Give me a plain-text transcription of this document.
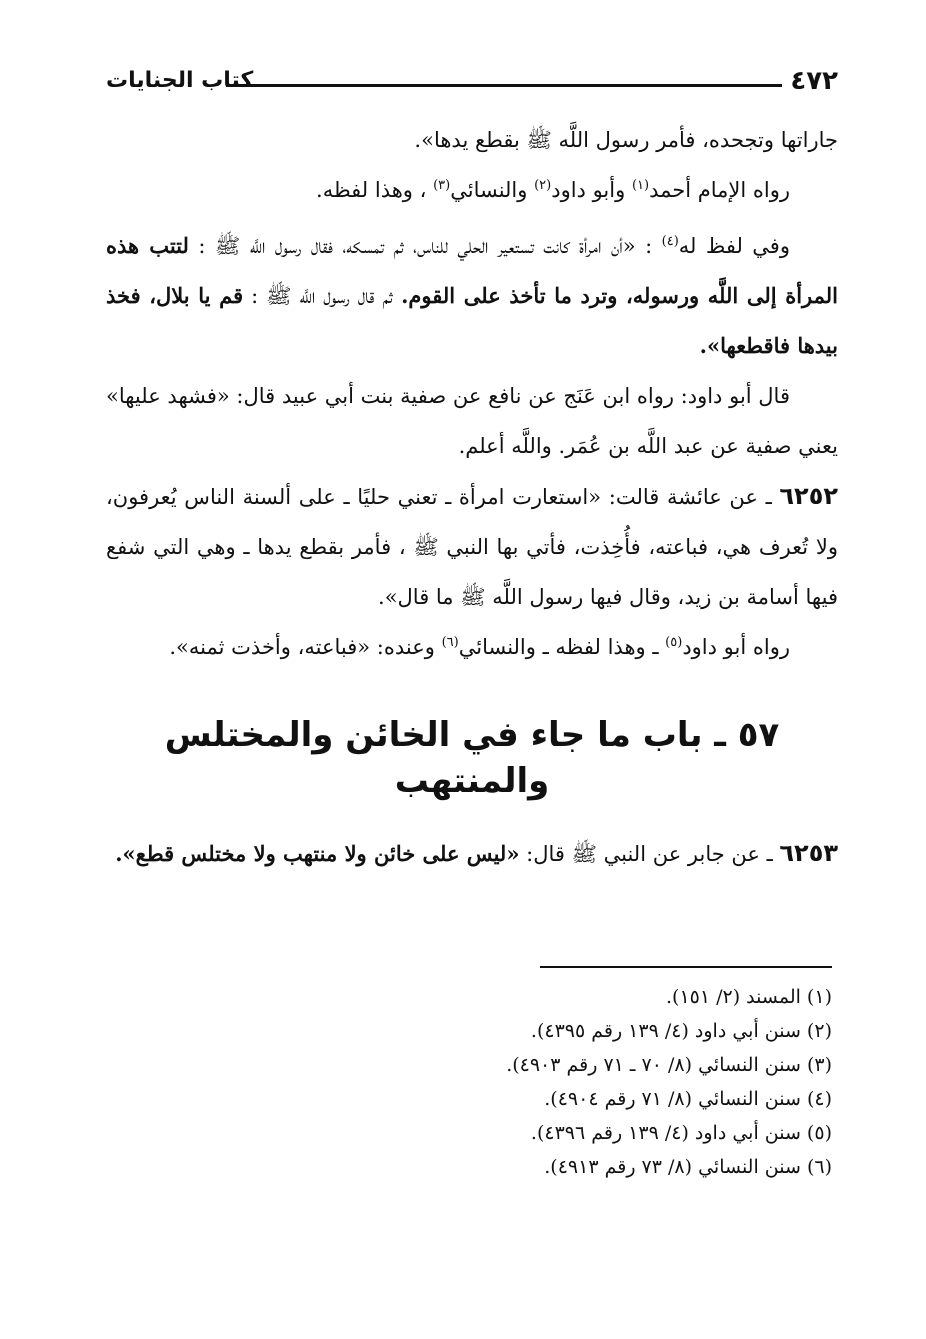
٤٧٢
كتاب الجنايات

جاراتها وتجحده، فأمر رسول اللَّه ﷺ بقطع يدها».

رواه الإمام أحمد$^{(١)}$ وأبو داود$^{(٢)}$ والنسائي$^{(٣)}$ ، وهذا لفظه.

وفي لفظ له$^{(٤)}$ : «أن امرأة كانت تستعير الحلي للناس، ثم تمسكه، فقال رسول اللَّه ﷺ : لتتب هذه المرأة إلى اللَّه ورسوله، وترد ما تأخذ على القوم. ثم قال رسول اللَّه ﷺ : قم يا بلال، فخذ بيدها فاقطعها».

قال أبو داود: رواه ابن عَنَج عن نافع عن صفية بنت أبي عبيد قال: «فشهد عليها» يعني صفية عن عبد اللَّه بن عُمَر. واللَّه أعلم.

٦٢٥٢ ـ عن عائشة قالت: «استعارت امرأة ـ تعني حليًا ـ على ألسنة الناس يُعرفون، ولا تُعرف هي، فباعته، فأُخِذت، فأتي بها النبي ﷺ ، فأمر بقطع يدها ـ وهي التي شفع فيها أسامة بن زيد، وقال فيها رسول اللَّه ﷺ ما قال».

رواه أبو داود$^{(٥)}$ ـ وهذا لفظه ـ والنسائي$^{(٦)}$ وعنده: «فباعته، وأخذت ثمنه».

٥٧ ـ باب ما جاء في الخائن والمختلس والمنتهب

٦٢٥٣ ـ عن جابر عن النبي ﷺ قال: «ليس على خائن ولا منتهب ولا مختلس قطع».

(١) المسند (٢/ ١٥١).

(٢) سنن أبي داود (٤/ ١٣٩ رقم ٤٣٩٥).

(٣) سنن النسائي (٨/ ٧٠ ـ ٧١ رقم ٤٩٠٣).

(٤) سنن النسائي (٨/ ٧١ رقم ٤٩٠٤).

(٥) سنن أبي داود (٤/ ١٣٩ رقم ٤٣٩٦).

(٦) سنن النسائي (٨/ ٧٣ رقم ٤٩١٣).
